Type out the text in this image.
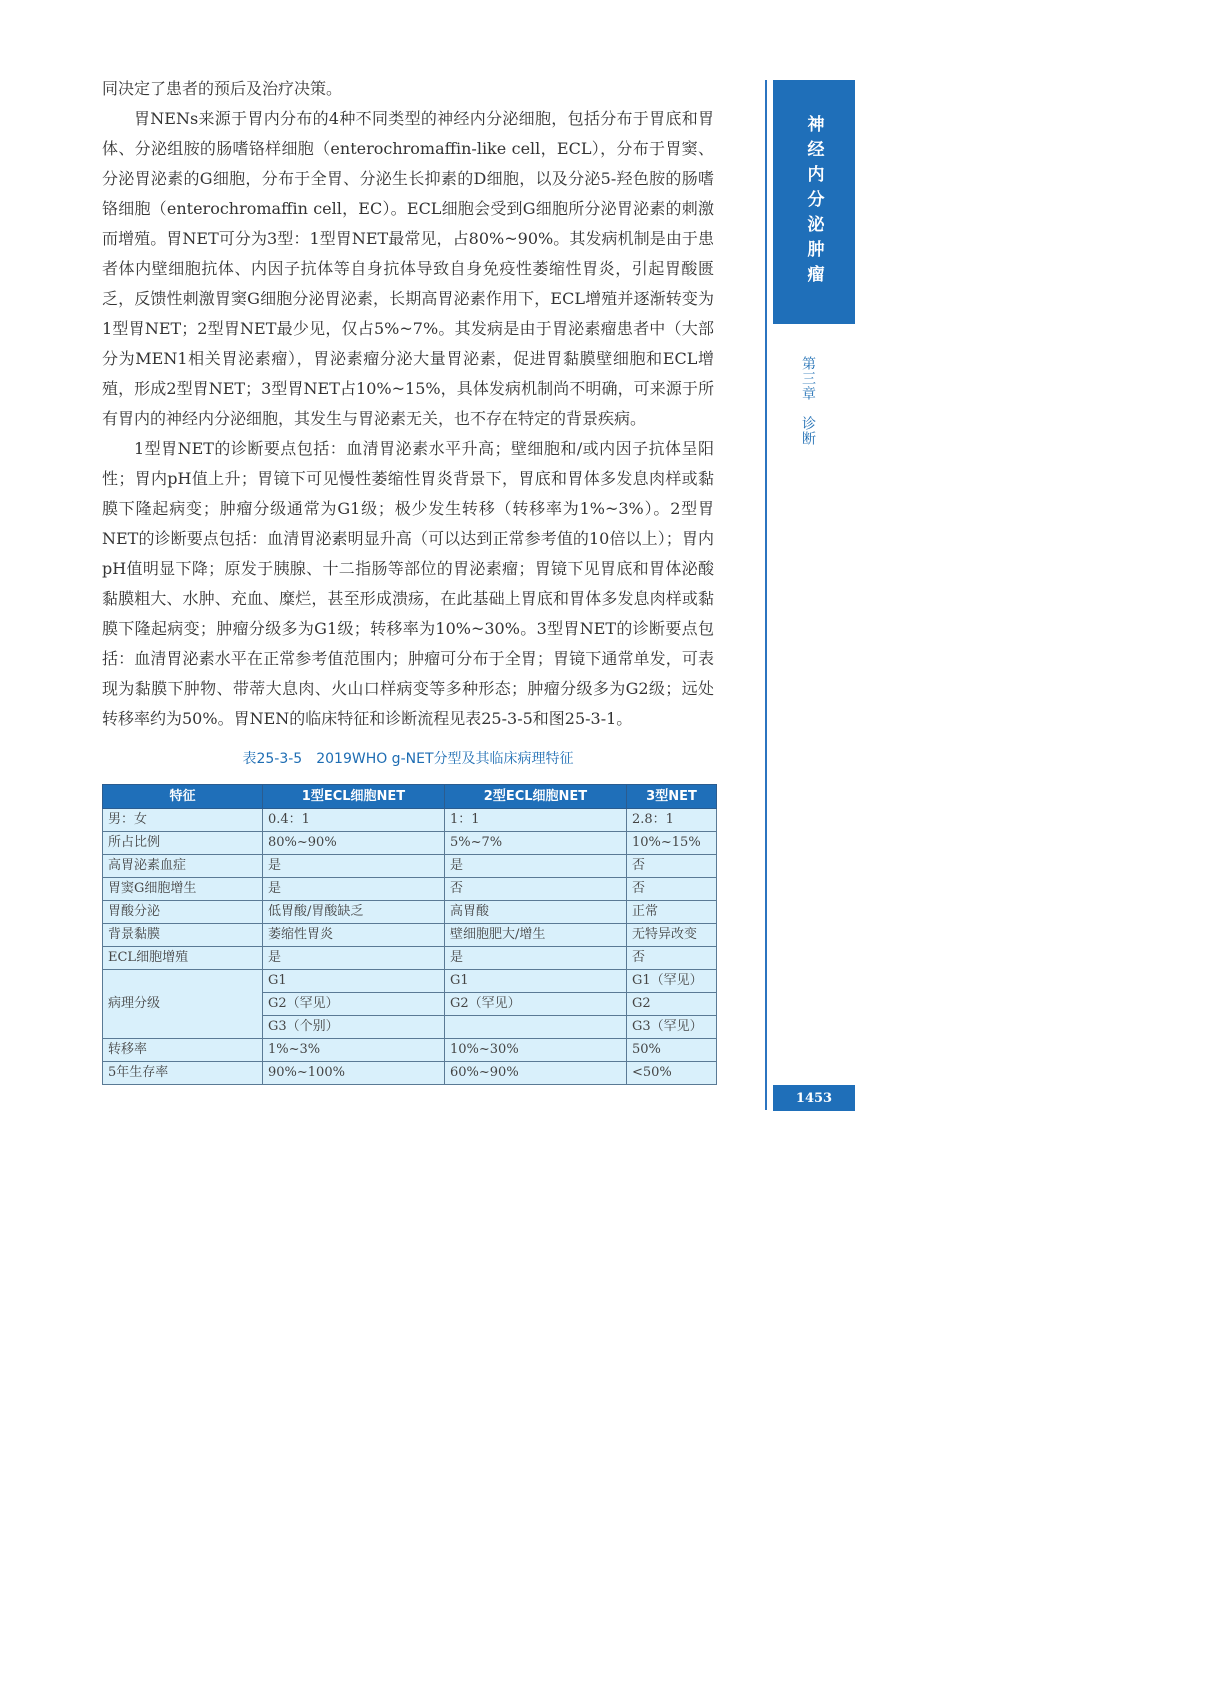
同决定了患者的预后及治疗决策。

胃NENs来源于胃内分布的4种不同类型的神经内分泌细胞，包括分布于胃底和胃体、分泌组胺的肠嗜铬样细胞（enterochromaffin-like cell，ECL），分布于胃窦、分泌胃泌素的G细胞，分布于全胃、分泌生长抑素的D细胞，以及分泌5-羟色胺的肠嗜铬细胞（enterochromaffin cell，EC）。ECL细胞会受到G细胞所分泌胃泌素的刺激而增殖。胃NET可分为3型：1型胃NET最常见，占80%~90%。其发病机制是由于患者体内壁细胞抗体、内因子抗体等自身抗体导致自身免疫性萎缩性胃炎，引起胃酸匮乏，反馈性刺激胃窦G细胞分泌胃泌素，长期高胃泌素作用下，ECL增殖并逐渐转变为1型胃NET；2型胃NET最少见，仅占5%~7%。其发病是由于胃泌素瘤患者中（大部分为MEN1相关胃泌素瘤），胃泌素瘤分泌大量胃泌素，促进胃黏膜壁细胞和ECL增殖，形成2型胃NET；3型胃NET占10%~15%，具体发病机制尚不明确，可来源于所有胃内的神经内分泌细胞，其发生与胃泌素无关，也不存在特定的背景疾病。

1型胃NET的诊断要点包括：血清胃泌素水平升高；壁细胞和/或内因子抗体呈阳性；胃内pH值上升；胃镜下可见慢性萎缩性胃炎背景下，胃底和胃体多发息肉样或黏膜下隆起病变；肿瘤分级通常为G1级；极少发生转移（转移率为1%~3%）。2型胃NET的诊断要点包括：血清胃泌素明显升高（可以达到正常参考值的10倍以上）；胃内pH值明显下降；原发于胰腺、十二指肠等部位的胃泌素瘤；胃镜下见胃底和胃体泌酸黏膜粗大、水肿、充血、糜烂，甚至形成溃疡，在此基础上胃底和胃体多发息肉样或黏膜下隆起病变；肿瘤分级多为G1级；转移率为10%~30%。3型胃NET的诊断要点包括：血清胃泌素水平在正常参考值范围内；肿瘤可分布于全胃；胃镜下通常单发，可表现为黏膜下肿物、带蒂大息肉、火山口样病变等多种形态；肿瘤分级多为G2级；远处转移率约为50%。胃NEN的临床特征和诊断流程见表25-3-5和图25-3-1。

表25-3-5　2019WHO g-NET分型及其临床病理特征
特征	1型ECL细胞NET	2型ECL细胞NET	3型NET
男：女	0.4：1	1：1	2.8：1
所占比例	80%~90%	5%~7%	10%~15%
高胃泌素血症	是	是	否
胃窦G细胞增生	是	否	否
胃酸分泌	低胃酸/胃酸缺乏	高胃酸	正常
背景黏膜	萎缩性胃炎	壁细胞肥大/增生	无特异改变
ECL细胞增殖	是	是	否
病理分级	G1	G1	G1（罕见）
	G2（罕见）	G2（罕见）	G2
	G3（个别）		G3（罕见）
转移率	1%~3%	10%~30%	50%
5年生存率	90%~100%	60%~90%	<50%
神经内分泌肿瘤
第三章　诊断
1453
